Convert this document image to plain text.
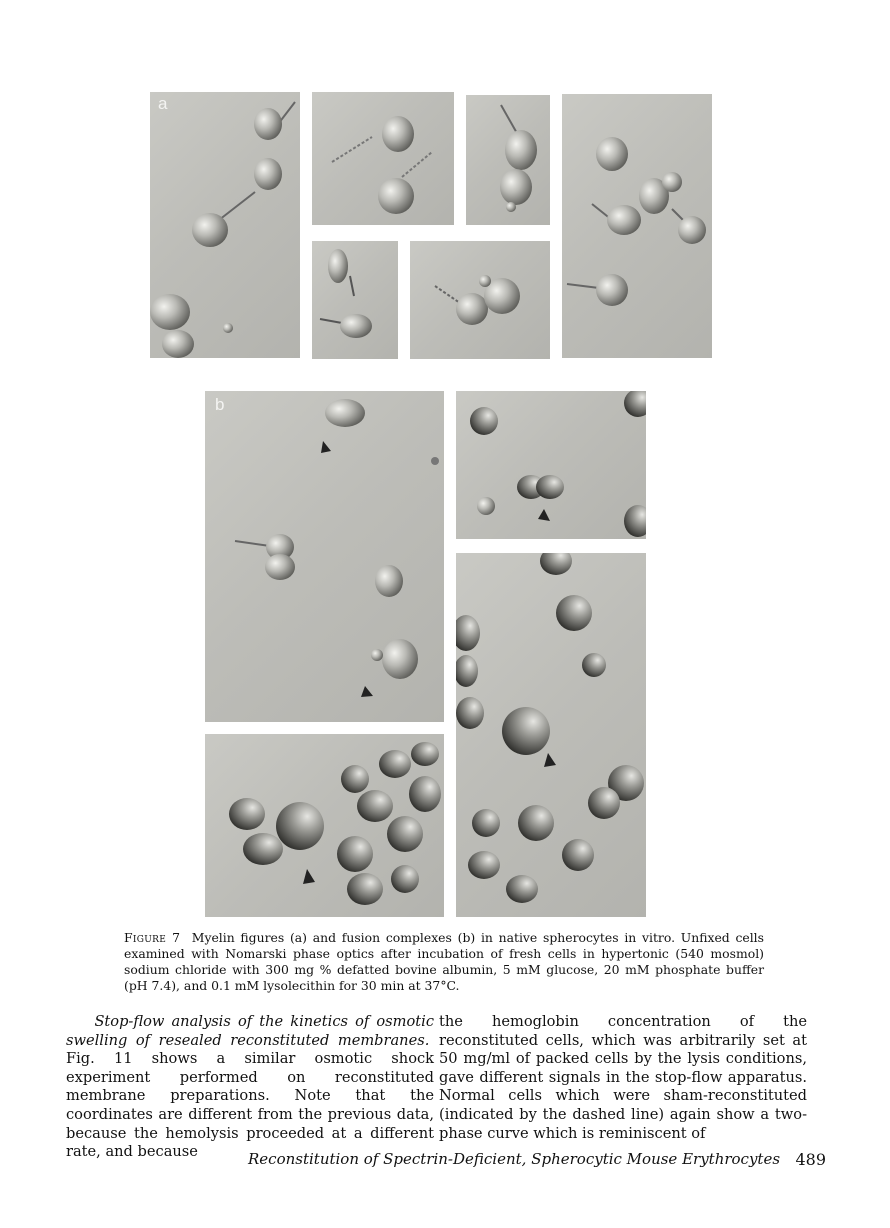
a
b
Figure 7 Myelin figures (a) and fusion complexes (b) in native spherocytes in vitro. Unfixed cells examined with Nomarski phase optics after incubation of fresh cells in hypertonic (540 mosmol) sodium chloride with 300 mg % defatted bovine albumin, 5 mM glucose, 20 mM phosphate buffer (pH 7.4), and 0.1 mM lysolecithin for 30 min at 37°C.
Stop-flow analysis of the kinetics of osmotic swelling of resealed reconstituted membranes.  Fig. 11 shows a similar osmotic shock experiment performed on reconstituted membrane preparations. Note that the coordinates are different from the previous data, because the hemolysis proceeded at a different rate, and because
the hemoglobin concentration of the reconstituted cells, which was arbitrarily set at 50 mg/ml of packed cells by the lysis conditions, gave different signals in the stop-flow apparatus. Normal cells which were sham-reconstituted (indicated by the dashed line) again show a two-phase curve which is reminiscent of
Reconstitution of Spectrin-Deficient, Spherocytic Mouse Erythrocytes 489
